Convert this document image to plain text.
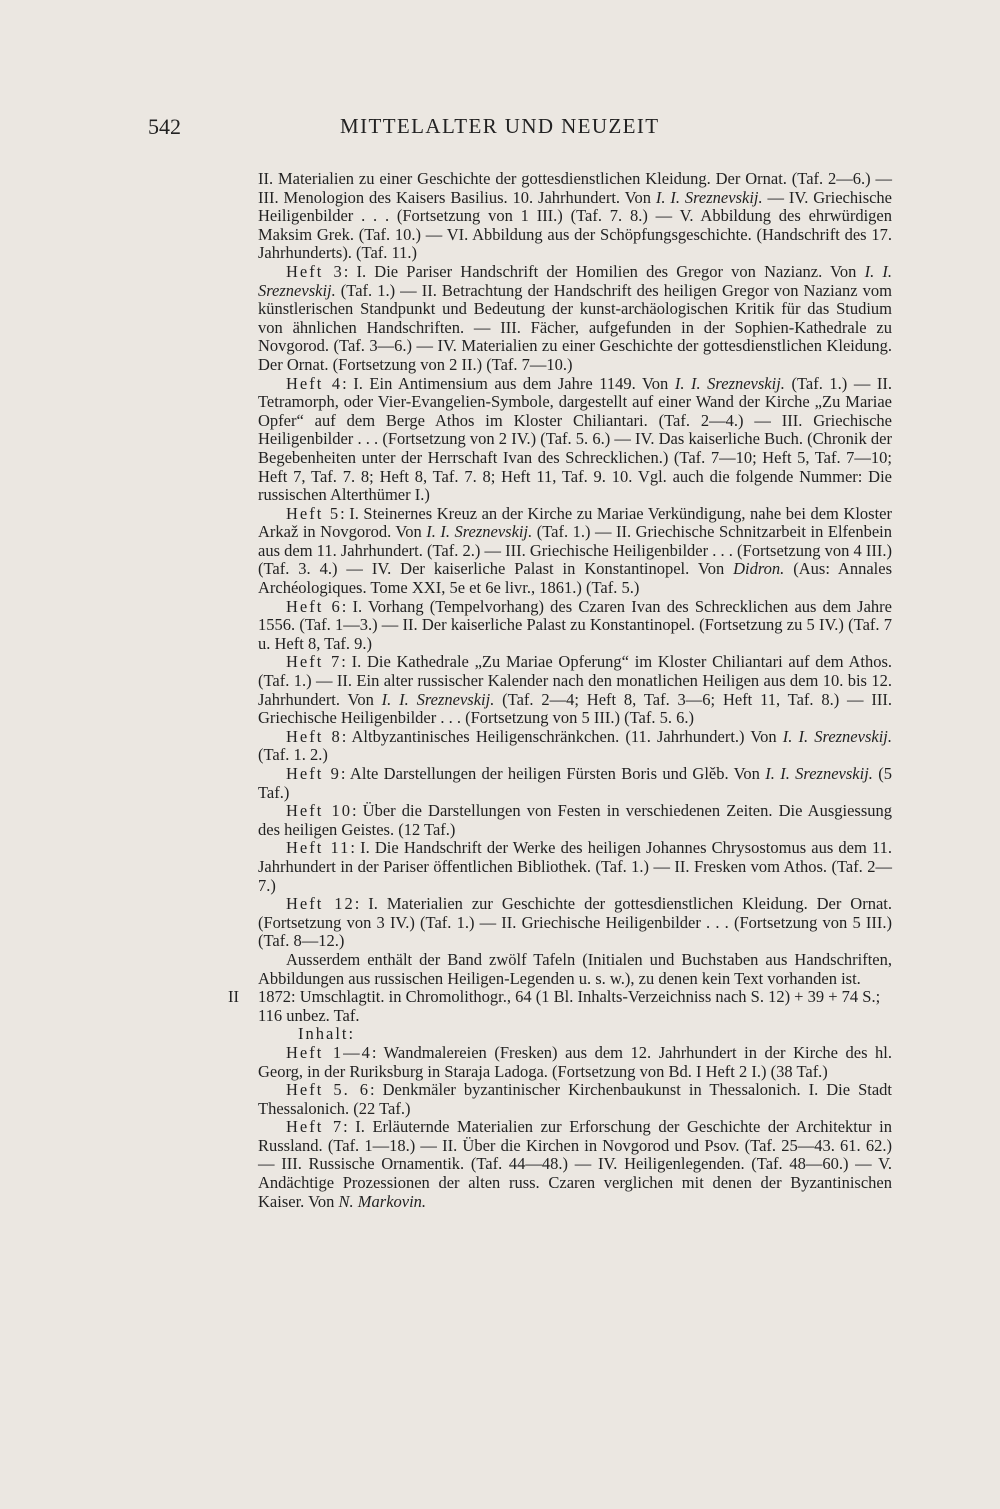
542	MITTELALTER UND NEUZEIT

II. Materialien zu einer Geschichte der gottesdienstlichen Kleidung. Der Ornat. (Taf. 2—6.) — III. Menologion des Kaisers Basilius. 10. Jahrhundert. Von I. I. Sreznevskij. — IV. Griechische Heiligenbilder . . . (Fortsetzung von 1 III.) (Taf. 7. 8.) — V. Abbildung des ehrwürdigen Maksim Grek. (Taf. 10.) — VI. Abbildung aus der Schöpfungsgeschichte. (Handschrift des 17. Jahrhunderts). (Taf. 11.)

Heft 3: I. Die Pariser Handschrift der Homilien des Gregor von Nazianz. Von I. I. Sreznevskij. (Taf. 1.) — II. Betrachtung der Handschrift des heiligen Gregor von Nazianz vom künstlerischen Standpunkt und Bedeutung der kunst-archäologischen Kritik für das Studium von ähnlichen Handschriften. — III. Fächer, aufgefunden in der Sophien-Kathedrale zu Novgorod. (Taf. 3—6.) — IV. Materialien zu einer Geschichte der gottesdienstlichen Kleidung. Der Ornat. (Fortsetzung von 2 II.) (Taf. 7—10.)

Heft 4: I. Ein Antimensium aus dem Jahre 1149. Von I. I. Sreznevskij. (Taf. 1.) — II. Tetramorph, oder Vier-Evangelien-Symbole, dargestellt auf einer Wand der Kirche „Zu Mariae Opfer“ auf dem Berge Athos im Kloster Chiliantari. (Taf. 2—4.) — III. Griechische Heiligenbilder . . . (Fortsetzung von 2 IV.) (Taf. 5. 6.) — IV. Das kaiserliche Buch. (Chronik der Begebenheiten unter der Herrschaft Ivan des Schrecklichen.) (Taf. 7—10; Heft 5, Taf. 7—10; Heft 7, Taf. 7. 8; Heft 8, Taf. 7. 8; Heft 11, Taf. 9. 10. Vgl. auch die folgende Nummer: Die russischen Alterthümer I.)

Heft 5: I. Steinernes Kreuz an der Kirche zu Mariae Verkündigung, nahe bei dem Kloster Arkaž in Novgorod. Von I. I. Sreznevskij. (Taf. 1.) — II. Griechische Schnitzarbeit in Elfenbein aus dem 11. Jahrhundert. (Taf. 2.) — III. Griechische Heiligenbilder . . . (Fortsetzung von 4 III.) (Taf. 3. 4.) — IV. Der kaiserliche Palast in Konstantinopel. Von Didron. (Aus: Annales Archéologiques. Tome XXI, 5e et 6e livr., 1861.) (Taf. 5.)

Heft 6: I. Vorhang (Tempelvorhang) des Czaren Ivan des Schrecklichen aus dem Jahre 1556. (Taf. 1—3.) — II. Der kaiserliche Palast zu Konstantinopel. (Fortsetzung zu 5 IV.) (Taf. 7 u. Heft 8, Taf. 9.)

Heft 7: I. Die Kathedrale „Zu Mariae Opferung“ im Kloster Chiliantari auf dem Athos. (Taf. 1.) — II. Ein alter russischer Kalender nach den monatlichen Heiligen aus dem 10. bis 12. Jahrhundert. Von I. I. Sreznevskij. (Taf. 2—4; Heft 8, Taf. 3—6; Heft 11, Taf. 8.) — III. Griechische Heiligenbilder . . . (Fortsetzung von 5 III.) (Taf. 5. 6.)

Heft 8: Altbyzantinisches Heiligenschränkchen. (11. Jahrhundert.) Von I. I. Sreznevskij. (Taf. 1. 2.)

Heft 9: Alte Darstellungen der heiligen Fürsten Boris und Glěb. Von I. I. Sreznevskij. (5 Taf.)

Heft 10: Über die Darstellungen von Festen in verschiedenen Zeiten. Die Ausgiessung des heiligen Geistes. (12 Taf.)

Heft 11: I. Die Handschrift der Werke des heiligen Johannes Chrysostomus aus dem 11. Jahrhundert in der Pariser öffentlichen Bibliothek. (Taf. 1.) — II. Fresken vom Athos. (Taf. 2—7.)

Heft 12: I. Materialien zur Geschichte der gottesdienstlichen Kleidung. Der Ornat. (Fortsetzung von 3 IV.) (Taf. 1.) — II. Griechische Heiligenbilder . . . (Fortsetzung von 5 III.) (Taf. 8—12.)

Ausserdem enthält der Band zwölf Tafeln (Initialen und Buchstaben aus Handschriften, Abbildungen aus russischen Heiligen-Legenden u. s. w.), zu denen kein Text vorhanden ist.

II 1872: Umschlagtit. in Chromolithogr., 64 (1 Bl. Inhalts-Verzeichniss nach S. 12) + 39 + 74 S.; 116 unbez. Taf.

Inhalt:

Heft 1—4: Wandmalereien (Fresken) aus dem 12. Jahrhundert in der Kirche des hl. Georg, in der Ruriksburg in Staraja Ladoga. (Fortsetzung von Bd. I Heft 2 I.) (38 Taf.)

Heft 5. 6: Denkmäler byzantinischer Kirchenbaukunst in Thessalonich. I. Die Stadt Thessalonich. (22 Taf.)

Heft 7: I. Erläuternde Materialien zur Erforschung der Geschichte der Architektur in Russland. (Taf. 1—18.) — II. Über die Kirchen in Novgorod und Psov. (Taf. 25—43. 61. 62.) — III. Russische Ornamentik. (Taf. 44—48.) — IV. Heiligenlegenden. (Taf. 48—60.) — V. Andächtige Prozessionen der alten russ. Czaren verglichen mit denen der Byzantinischen Kaiser. Von N. Markovin.
